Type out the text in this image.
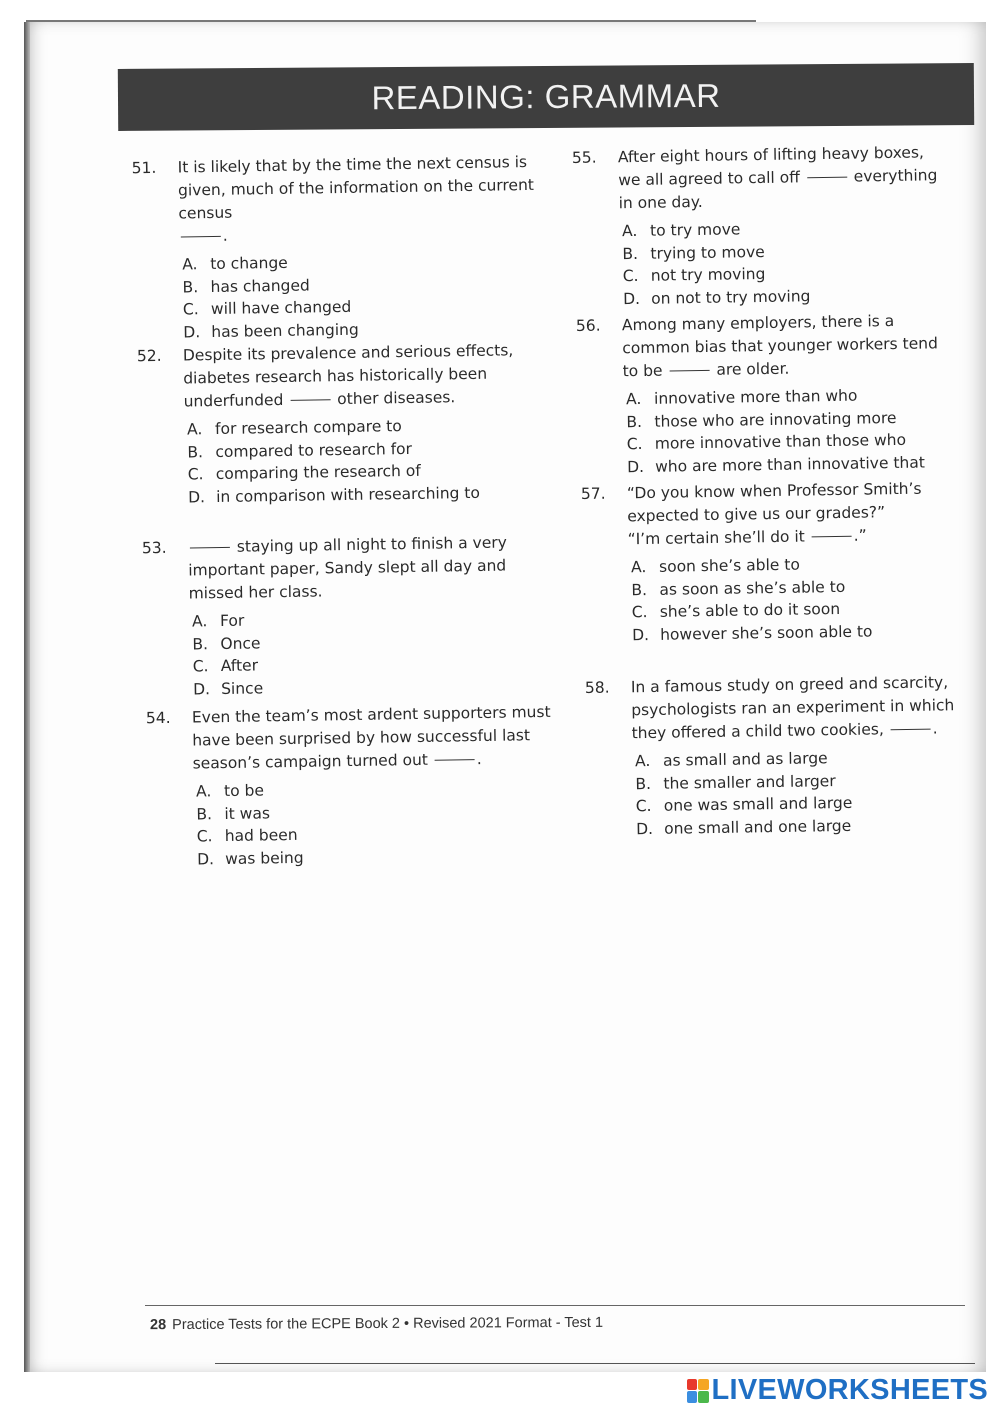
READING: GRAMMAR
51. It is likely that by the time the next census is given, much of the information on the current census
.
A. to change
B. has changed
C. will have changed
D. has been changing
52. Despite its prevalence and serious effects, diabetes research has historically been underfunded	other diseases.
A. for research compare to
B. compared to research for
C. comparing the research of
D. in comparison with researching to
53.	staying up all night to finish a very important paper, Sandy slept all day and missed her class.
A. For
B. Once
C. After
D. Since
54. Even the team’s most ardent supporters must have been surprised by how successful last season’s campaign turned out	.
A. to be
B. it was
C. had been
D. was being
55. After eight hours of lifting heavy boxes, we all agreed to call off	everything in one day.
A. to try move
B. trying to move
C. not try moving
D. on not to try moving
56. Among many employers, there is a common bias that younger workers tend to be	are older.
A. innovative more than who
B. those who are innovating more
C. more innovative than those who
D. who are more than innovative that
57. “Do you know when Professor Smith’s expected to give us our grades?”
“I’m certain she’ll do it	.”
A. soon she’s able to
B. as soon as she’s able to
C. she’s able to do it soon
D. however she’s soon able to
58. In a famous study on greed and scarcity, psychologists ran an experiment in which they offered a child two cookies,	.
A. as small and as large
B. the smaller and larger
C. one was small and large
D. one small and one large
28 Practice Tests for the ECPE Book 2 • Revised 2021 Format - Test 1
LIVEWORKSHEETS
